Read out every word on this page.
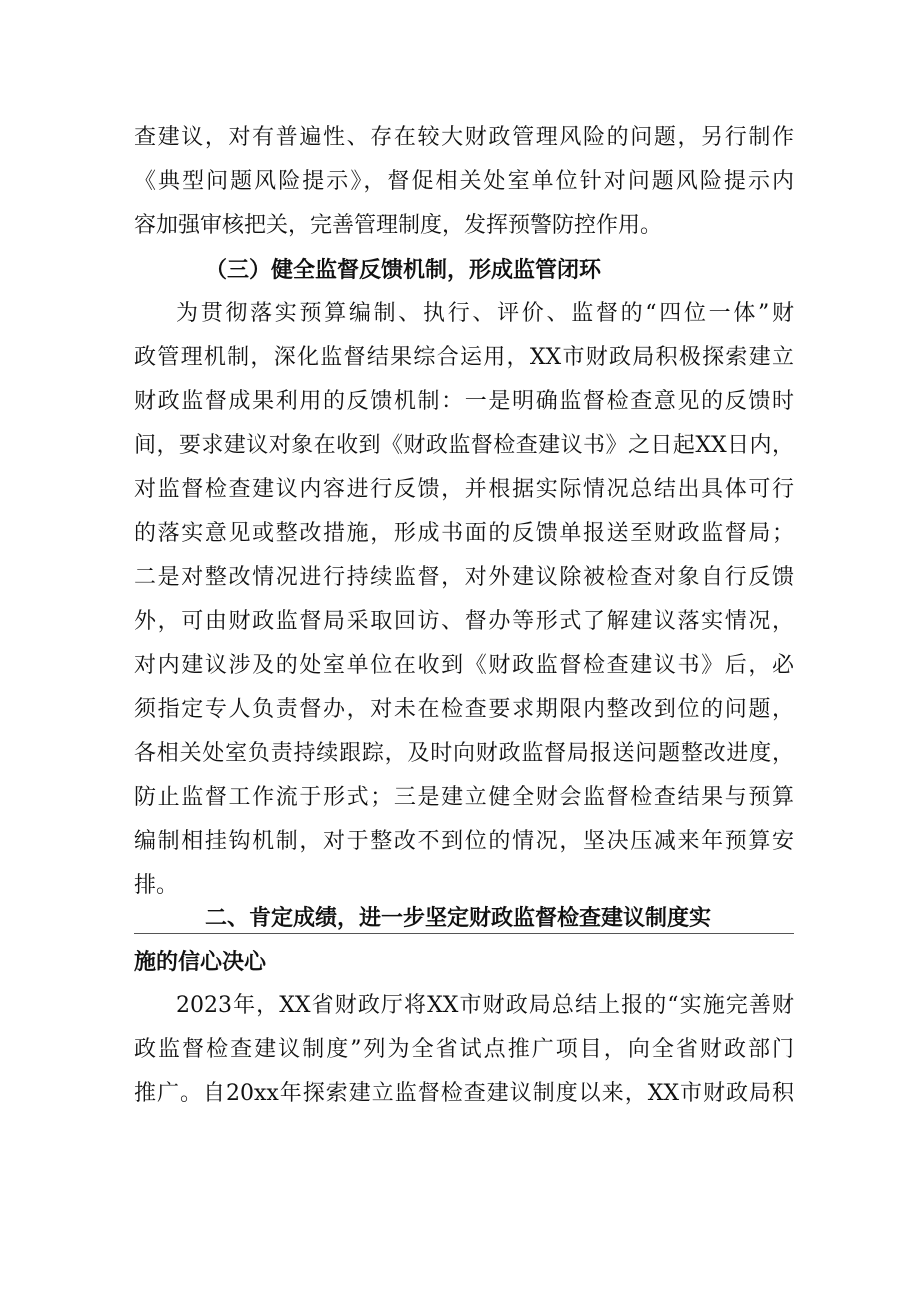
查建议，对有普遍性、存在较大财政管理风险的问题，另行制作
《典型问题风险提示》，督促相关处室单位针对问题风险提示内
容加强审核把关，完善管理制度，发挥预警防控作用。
（三）健全监督反馈机制，形成监管闭环
为贯彻落实预算编制、执行、评价、监督的“四位一体”财
政管理机制，深化监督结果综合运用，XX市财政局积极探索建立
财政监督成果利用的反馈机制：一是明确监督检查意见的反馈时
间，要求建议对象在收到《财政监督检查建议书》之日起XX日内，
对监督检查建议内容进行反馈，并根据实际情况总结出具体可行
的落实意见或整改措施，形成书面的反馈单报送至财政监督局；
二是对整改情况进行持续监督，对外建议除被检查对象自行反馈
外，可由财政监督局采取回访、督办等形式了解建议落实情况，
对内建议涉及的处室单位在收到《财政监督检查建议书》后，必
须指定专人负责督办，对未在检查要求期限内整改到位的问题，
各相关处室负责持续跟踪，及时向财政监督局报送问题整改进度，
防止监督工作流于形式；三是建立健全财会监督检查结果与预算
编制相挂钩机制，对于整改不到位的情况，坚决压减来年预算安
排。
二、肯定成绩，进一步坚定财政监督检查建议制度实
施的信心决心
2023年，XX省财政厅将XX市财政局总结上报的“实施完善财
政监督检查建议制度”列为全省试点推广项目，向全省财政部门
推广。自20xx年探索建立监督检查建议制度以来，XX市财政局积
